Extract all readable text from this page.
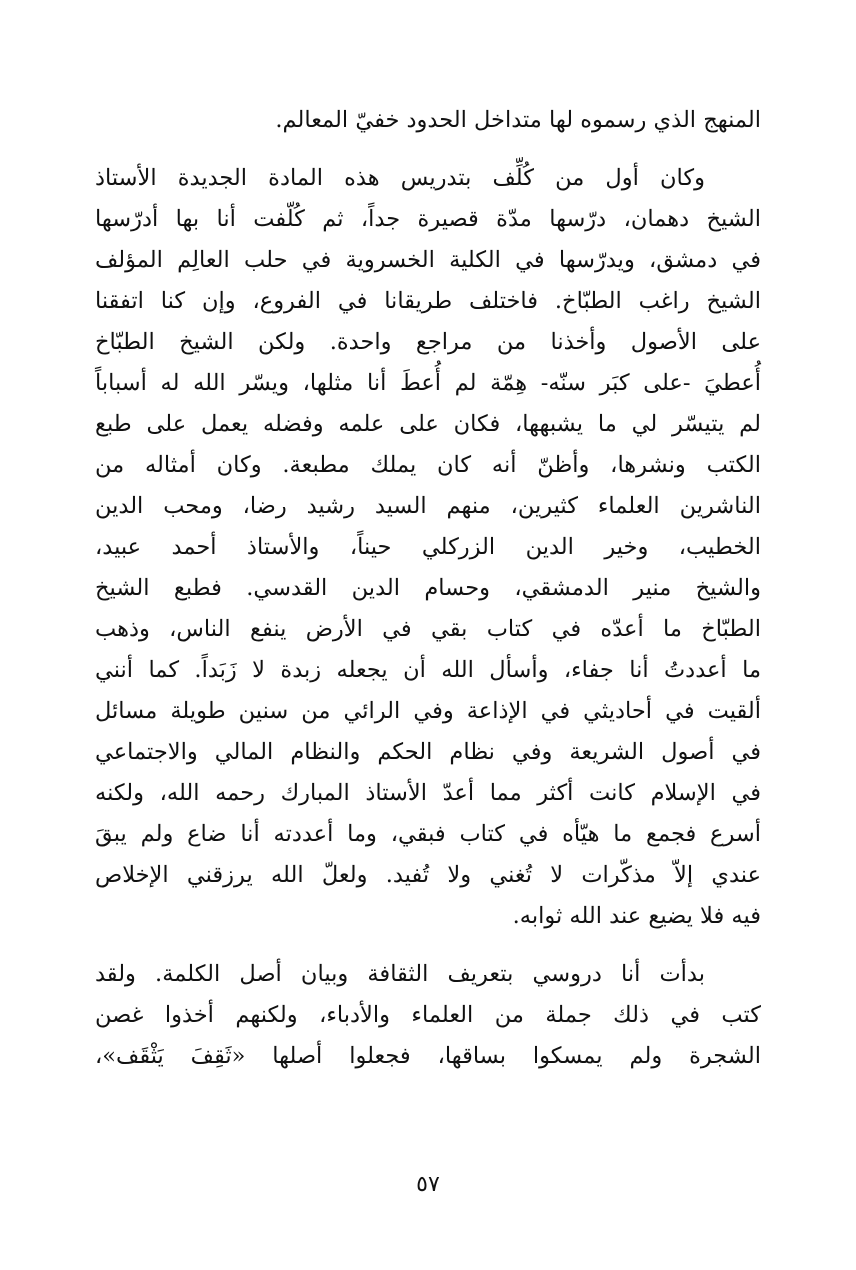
المنهج الذي رسموه لها متداخل الحدود خفيّ المعالم.
وكان أول من كُلِّف بتدريس هذه المادة الجديدة الأستاذ
الشيخ دهمان، درّسها مدّة قصيرة جداً، ثم كُلّفت أنا بها أدرّسها
في دمشق، ويدرّسها في الكلية الخسروية في حلب العالِم المؤلف
الشيخ راغب الطبّاخ. فاختلف طريقانا في الفروع، وإن كنا اتفقنا
على الأصول وأخذنا من مراجع واحدة. ولكن الشيخ الطبّاخ
أُعطيَ -على كبَر سنّه- هِمّة لم أُعطَ أنا مثلها، ويسّر الله له أسباباً
لم يتيسّر لي ما يشبهها، فكان على علمه وفضله يعمل على طبع
الكتب ونشرها، وأظنّ أنه كان يملك مطبعة. وكان أمثاله من
الناشرين العلماء كثيرين، منهم السيد رشيد رضا، ومحب الدين
الخطيب، وخير الدين الزركلي حيناً، والأستاذ أحمد عبيد،
والشيخ منير الدمشقي، وحسام الدين القدسي. فطبع الشيخ
الطبّاخ ما أعدّه في كتاب بقي في الأرض ينفع الناس، وذهب
ما أعددتُ أنا جفاء، وأسأل الله أن يجعله زبدة لا زَبَداً. كما أنني
ألقيت في أحاديثي في الإذاعة وفي الرائي من سنين طويلة مسائل
في أصول الشريعة وفي نظام الحكم والنظام المالي والاجتماعي
في الإسلام كانت أكثر مما أعدّ الأستاذ المبارك رحمه الله، ولكنه
أسرع فجمع ما هيّأه في كتاب فبقي، وما أعددته أنا ضاع ولم يبقَ
عندي إلاّ مذكّرات لا تُغني ولا تُفيد. ولعلّ الله يرزقني الإخلاص
فيه فلا يضيع عند الله ثوابه.
بدأت أنا دروسي بتعريف الثقافة وبيان أصل الكلمة. ولقد
كتب في ذلك جملة من العلماء والأدباء، ولكنهم أخذوا غصن
الشجرة ولم يمسكوا بساقها، فجعلوا أصلها «ثَقِفَ يَثْقَف»،
٥٧
